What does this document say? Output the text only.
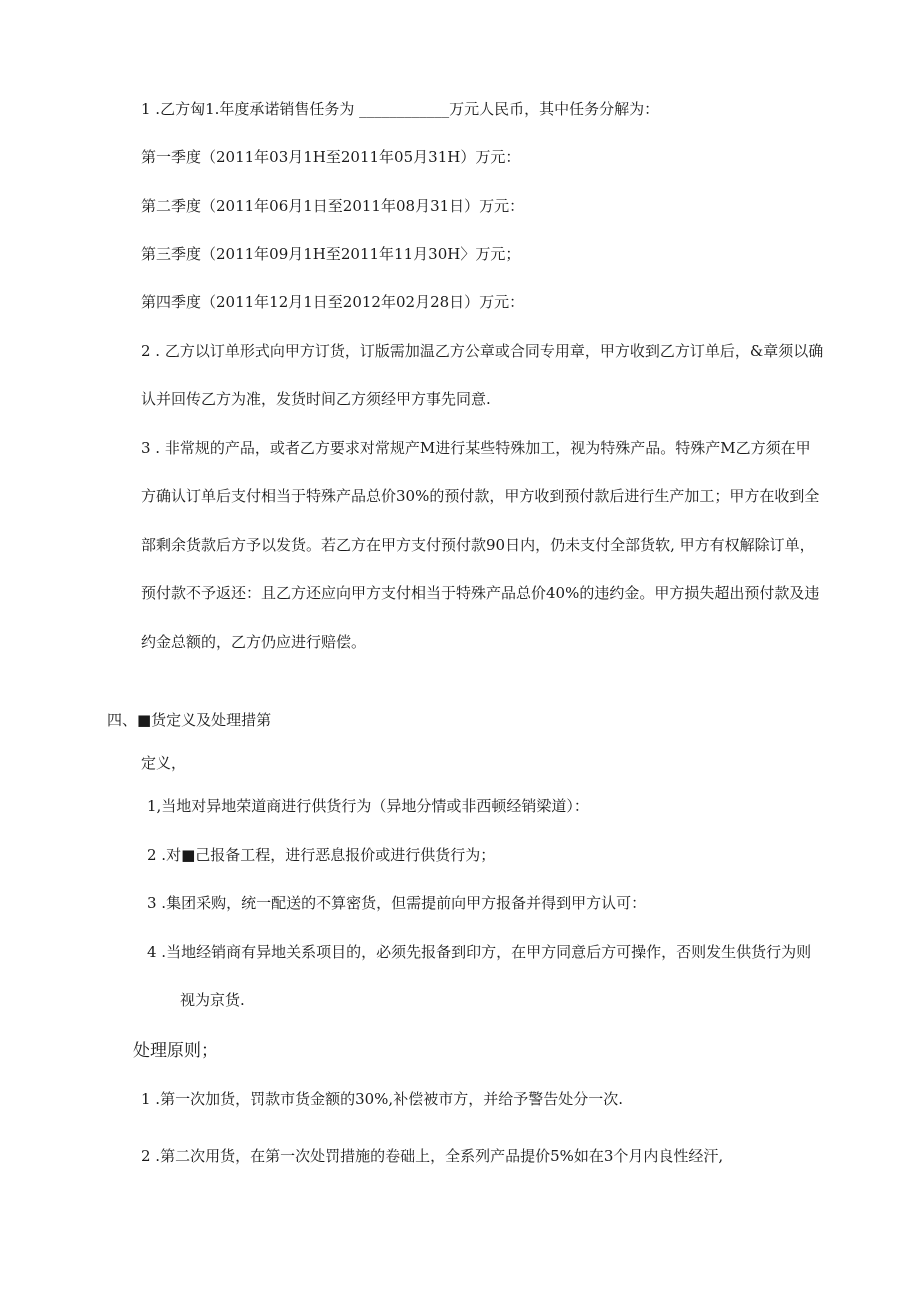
1 .乙方匈1.年度承诺销售任务为 ____________万元人民币，其中任务分解为：
第一季度（2011年03月1H至2011年05月31H）万元：
第二季度（2011年06月1日至2011年08月31日）万元：
第三季度（2011年09月1H至2011年11月30H〉万元；
第四季度（2011年12月1日至2012年02月28日）万元：
2 . 乙方以订单形式向甲方订货，订版需加温乙方公章或合同专用章，甲方收到乙方订单后，&章须以确
认并回传乙方为准，发货时间乙方须经甲方事先同意.
3 . 非常规的产品，或者乙方要求对常规产M进行某些特殊加工，视为特殊产品。特殊产M乙方须在甲
方确认订单后支付相当于特殊产品总价30%的预付款，甲方收到预付款后进行生产加工；甲方在收到全
部剩余货款后方予以发货。若乙方在甲方支付预付款90日内，仍未支付全部货软, 甲方有权解除订单，
预付款不予返还：且乙方还应向甲方支付相当于特殊产品总价40%的违约金。甲方损失超出预付款及违
约金总额的，乙方仍应进行赔偿。
四、■货定义及处理措第
定义，
1,当地对异地荣道商进行供货行为（异地分情或非西顿经销梁道）：
2 .对■己报备工程，进行恶息报价或进行供货行为；
3 .集团采购，统一配送的不算密货，但需提前向甲方报备并得到甲方认可：
4 .当地经销商有异地关系项目的，必须先报备到印方，在甲方同意后方可操作，否则发生供货行为则
视为京货.
处理原则；
1 .第一次加货，罚款市货金额的30%,补偿被市方，并给予警告处分一次.
2 .第二次用货，在第一次处罚措施的卷础上，全系列产品提价5%如在3个月内良性经汗,
